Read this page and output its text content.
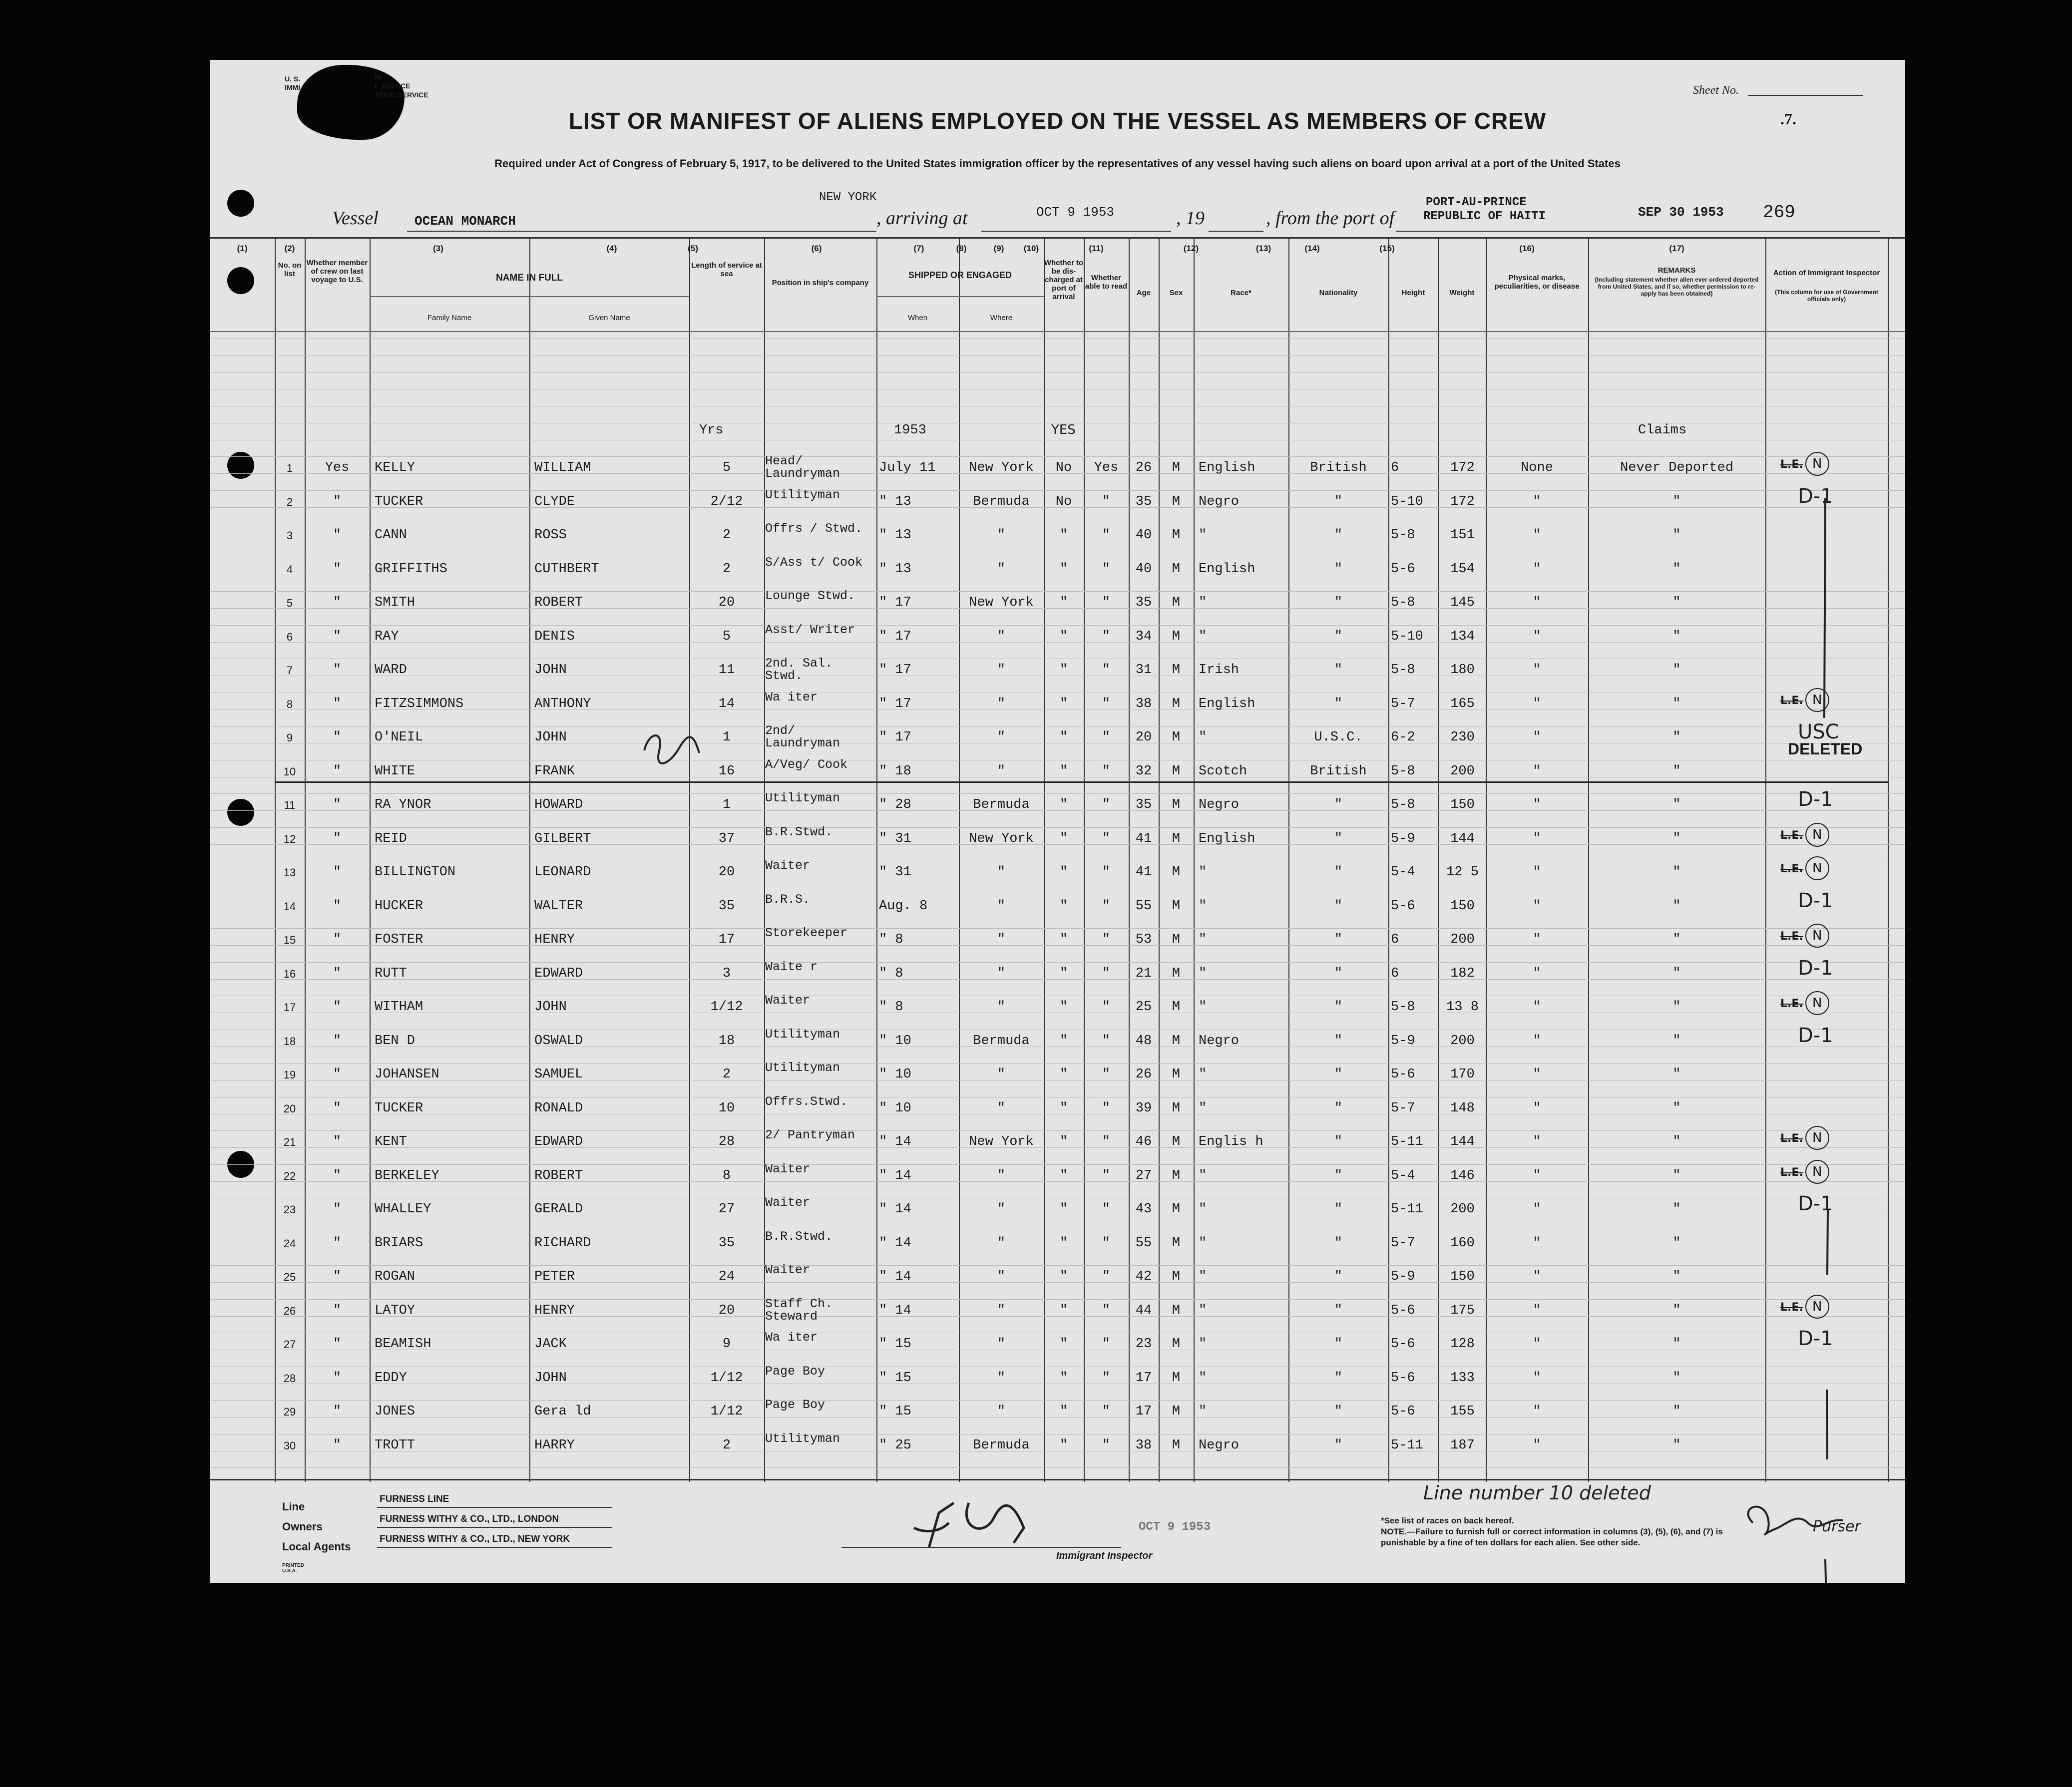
U. S.
IMMI
80
F JUSTICE
ATION SERVICE	Sheet No.
.7.
LIST OR MANIFEST OF ALIENS EMPLOYED ON THE VESSEL AS MEMBERS OF CREW
Required under Act of Congress of February 5, 1917, to be delivered to the United States immigration officer by the representatives of any vessel having such aliens on board upon arrival at a port of the United States
Vessel	OCEAN MONARCH	, arriving at
NEW YORK
OCT 9 1953	, 19	, from the port of
PORT-AU-PRINCE
REPUBLIC OF HAITI	SEP 30 1953 269
(1)	(2)	(3)	(4)	(5)	(6)	(7)	(8)	(9)	(10)	(11)	(12)	(13)	(14)	(15)	(16)	(17)
No. on list
Whether member of crew on last voyage to U.S.	NAME IN FULL
Family Name	Given Name
Length of service at sea
Position in ship's company
SHIPPED OR ENGAGED
When	Where
Whether to be dis-charged at port of arrival
Whether able to read
Age	Sex	Race*	Nationality	Height	Weight
Physical marks, peculiarities, or disease
REMARKS
(Including statement whether alien ever ordered deported from United States, and if so, whether permission to re-apply has been obtained)
Action of Immigrant Inspector
(This column for use of Government officials only)
1	Yes	KELLY	WILLIAM	5	Head/ Laundryman	July 11	New York	No	Yes	26	M	English	British	6	172	None	Never Deported	L.E. N
2	"	TUCKER	CLYDE	2/12	Utilityman	" 13	Bermuda	No	"	35	M	Negro	"	5-10	172	"	"	D-1
3	"	CANN	ROSS	2	Offrs / Stwd.	" 13	"	"	"	40	M	"	"	5-8	151	"	"
4	"	GRIFFITHS	CUTHBERT	2	S/Ass t/ Cook	" 13	"	"	"	40	M	English	"	5-6	154	"	"
5	"	SMITH	ROBERT	20	Lounge Stwd.	" 17	New York	"	"	35	M	"	"	5-8	145	"	"
6	"	RAY	DENIS	5	Asst/ Writer	" 17	"	"	"	34	M	"	"	5-10	134	"	"
7	"	WARD	JOHN	11	2nd. Sal. Stwd.	" 17	"	"	"	31	M	Irish	"	5-8	180	"	"
8	"	FITZSIMMONS	ANTHONY	14	Wa iter	" 17	"	"	"	38	M	English	"	5-7	165	"	"	L.E. N
9	"	O'NEIL	JOHN	1	2nd/ Laundryman	" 17	"	"	"	20	M	"	U.S.C.	6-2	230	"	"	USC
10	"	WHITE	FRANK	16	A/Veg/ Cook	" 18	"	"	"	32	M	Scotch	British	5-8	200	"	"
DELETED
11	"	RA YNOR	HOWARD	1	Utilityman	" 28	Bermuda	"	"	35	M	Negro	"	5-8	150	"	"	D-1
12	"	REID	GILBERT	37	B.R.Stwd.	" 31	New York	"	"	41	M	English	"	5-9	144	"	"	L.E. N
13	"	BILLINGTON	LEONARD	20	Waiter	" 31	"	"	"	41	M	"	"	5-4	12 5	"	"	L.E. N
14	"	HUCKER	WALTER	35	B.R.S.	Aug. 8	"	"	"	55	M	"	"	5-6	150	"	"	D-1
15	"	FOSTER	HENRY	17	Storekeeper	" 8	"	"	"	53	M	"	"	6	200	"	"	L.E. N
16	"	RUTT	EDWARD	3	Waite r	" 8	"	"	"	21	M	"	"	6	182	"	"	D-1
17	"	WITHAM	JOHN	1/12	Waiter	" 8	"	"	"	25	M	"	"	5-8	13 8	"	"	L.E. N
18	"	BEN D	OSWALD	18	Utilityman	" 10	Bermuda	"	"	48	M	Negro	"	5-9	200	"	"	D-1
19	"	JOHANSEN	SAMUEL	2	Utilityman	" 10	"	"	"	26	M	"	"	5-6	170	"	"
20	"	TUCKER	RONALD	10	Offrs.Stwd.	" 10	"	"	"	39	M	"	"	5-7	148	"	"
21	"	KENT	EDWARD	28	2/ Pantryman	" 14	New York	"	"	46	M	Englis h	"	5-11	144	"	"	L.E. N
22	"	BERKELEY	ROBERT	8	Waiter	" 14	"	"	"	27	M	"	"	5-4	146	"	"	L.E. N
23	"	WHALLEY	GERALD	27	Waiter	" 14	"	"	"	43	M	"	"	5-11	200	"	"	D-1
24	"	BRIARS	RICHARD	35	B.R.Stwd.	" 14	"	"	"	55	M	"	"	5-7	160	"	"
25	"	ROGAN	PETER	24	Waiter	" 14	"	"	"	42	M	"	"	5-9	150	"	"
26	"	LATOY	HENRY	20	Staff Ch. Steward	" 14	"	"	"	44	M	"	"	5-6	175	"	"	L.E. N
27	"	BEAMISH	JACK	9	Wa iter	" 15	"	"	"	23	M	"	"	5-6	128	"	"	D-1
28	"	EDDY	JOHN	1/12	Page Boy	" 15	"	"	"	17	M	"	"	5-6	133	"	"
29	"	JONES	Gera ld	1/12	Page Boy	" 15	"	"	"	17	M	"	"	5-6	155	"	"
30	"	TROTT	HARRY	2	Utilityman	" 25	Bermuda	"	"	38	M	Negro	"	5-11	187	"	"
Yrs	1953	Claims
YES
Line
FURNESS LINE
Owners
FURNESS WITHY & CO., LTD., LONDON
Local Agents
FURNESS WITHY & CO., LTD., NEW YORK
PRINTED U.S.A.
Immigrant Inspector
OCT 9 1953
Line number 10 deleted
Purser
*See list of races on back hereof.
NOTE.—Failure to furnish full or correct information in columns (3), (5), (6), and (7) is punishable by a fine of ten dollars for each alien. See other side.
